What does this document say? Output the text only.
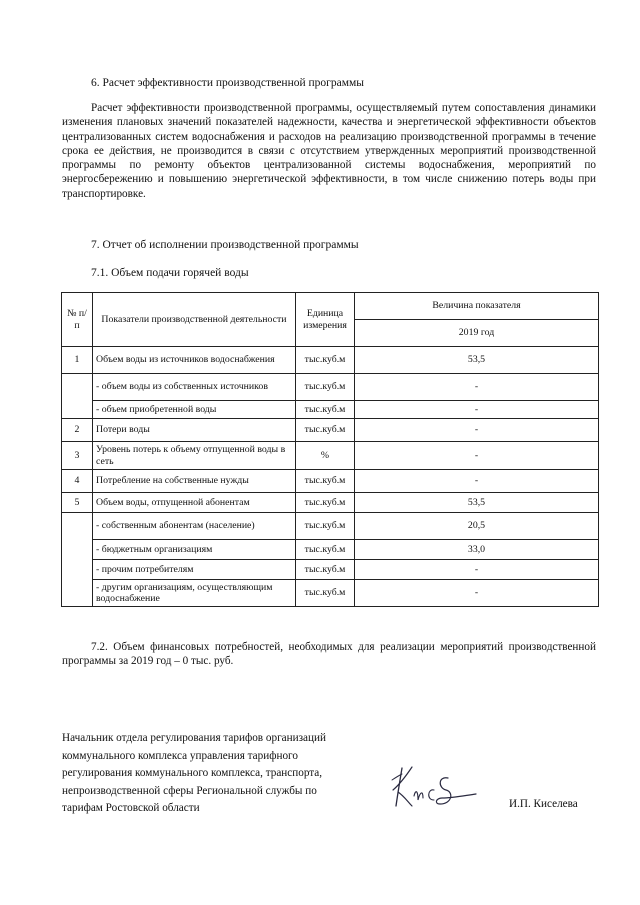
6. Расчет эффективности производственной программы
Расчет эффективности производственной программы, осуществляемый путем сопоставления динамики изменения плановых значений показателей надежности, качества и энергетической эффективности объектов централизованных систем водоснабжения и расходов на реализацию производственной программы в течение срока ее действия, не производится в связи с отсутствием утвержденных мероприятий производственной программы по ремонту объектов централизованной системы водоснабжения, мероприятий по энергосбережению и повышению энергетической эффективности, в том числе снижению потерь воды при транспортировке.
7. Отчет об исполнении производственной программы
7.1. Объем подачи горячей воды
№ п/п	Показатели производственной деятельности	Единица измерения	Величина показателя
			2019 год
1	Объем воды из источников водоснабжения	тыс.куб.м	53,5
	- объем воды из собственных источников	тыс.куб.м	-
	- объем приобретенной воды	тыс.куб.м	-
2	Потери воды	тыс.куб.м	-
3	Уровень потерь к объему отпущенной воды в сеть	%	-
4	Потребление на собственные нужды	тыс.куб.м	-
5	Объем воды, отпущенной абонентам	тыс.куб.м	53,5
	- собственным абонентам (население)	тыс.куб.м	20,5
	- бюджетным организациям	тыс.куб.м	33,0
	- прочим потребителям	тыс.куб.м	-
	- другим организациям, осуществляющим водоснабжение	тыс.куб.м	-
7.2. Объем финансовых потребностей, необходимых для реализации мероприятий производственной программы за 2019 год – 0 тыс. руб.
Начальник отдела регулирования тарифов организаций
коммунального комплекса управления тарифного
регулирования коммунального комплекса, транспорта,
непроизводственной сферы Региональной службы по
тарифам Ростовской области	И.П. Киселева
